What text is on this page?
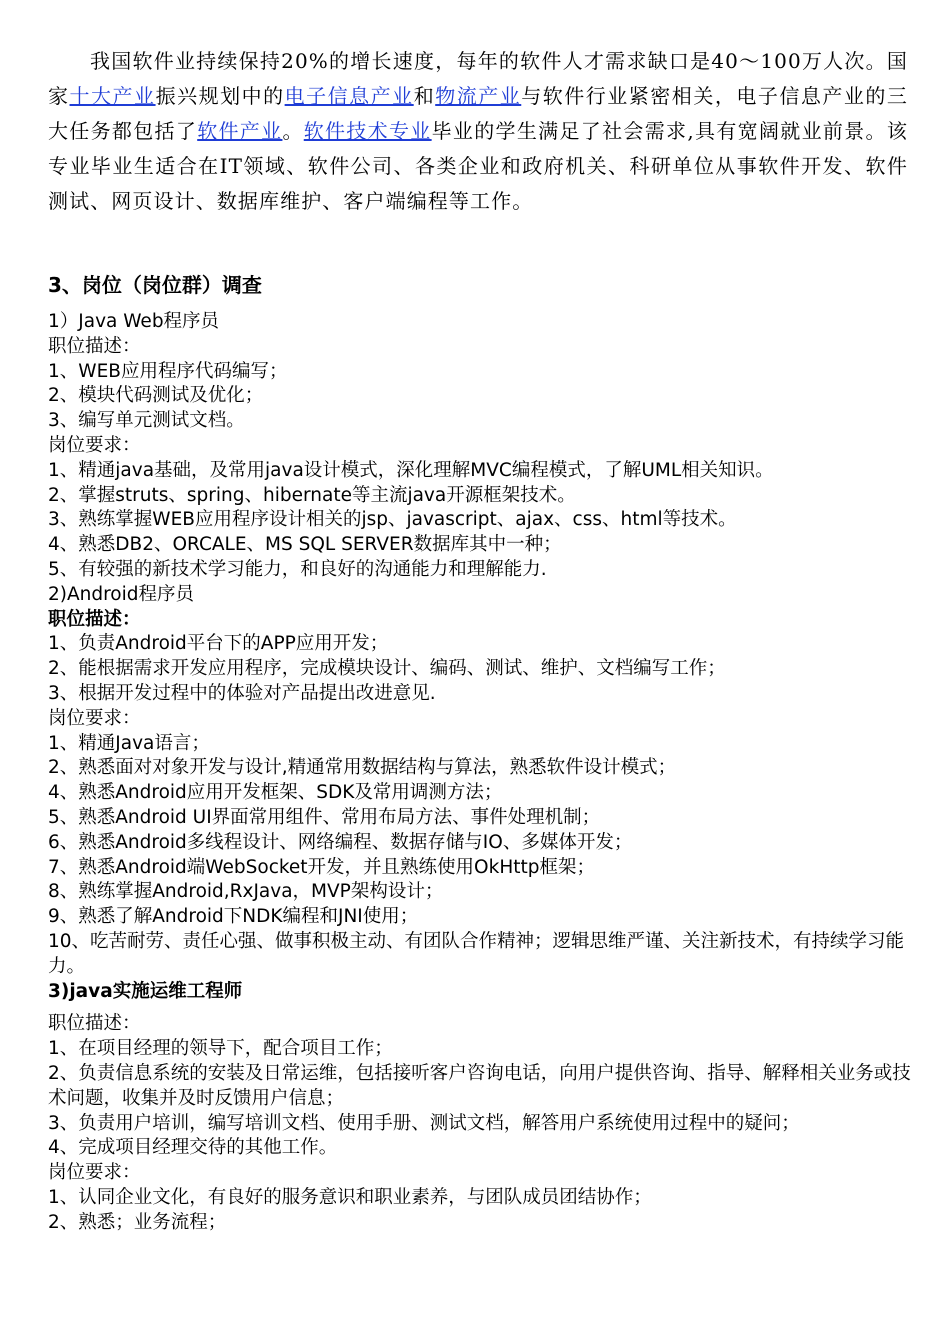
我国软件业持续保持20%的增长速度，每年的软件人才需求缺口是40～100万人次。国家十大产业振兴规划中的电子信息产业和物流产业与软件行业紧密相关，电子信息产业的三大任务都包括了软件产业。软件技术专业毕业的学生满足了社会需求,具有宽阔就业前景。该专业毕业生适合在IT领域、软件公司、各类企业和政府机关、科研单位从事软件开发、软件测试、网页设计、数据库维护、客户端编程等工作。

3、岗位（岗位群）调查

1）Java Web程序员

职位描述：

1、WEB应用程序代码编写；

2、模块代码测试及优化；

3、编写单元测试文档。

岗位要求：

1、精通java基础，及常用java设计模式，深化理解MVC编程模式，了解UML相关知识。

2、掌握struts、spring、hibernate等主流java开源框架技术。

3、熟练掌握WEB应用程序设计相关的jsp、javascript、ajax、css、html等技术。

4、熟悉DB2、ORCALE、MS SQL SERVER数据库其中一种；

5、有较强的新技术学习能力，和良好的沟通能力和理解能力.

2)Android程序员

职位描述：

1、负责Android平台下的APP应用开发；

2、能根据需求开发应用程序，完成模块设计、编码、测试、维护、文档编写工作；

3、根据开发过程中的体验对产品提出改进意见.

岗位要求：

1、精通Java语言；

2、熟悉面对对象开发与设计,精通常用数据结构与算法，熟悉软件设计模式；

4、熟悉Android应用开发框架、SDK及常用调测方法；

5、熟悉Android UI界面常用组件、常用布局方法、事件处理机制；

6、熟悉Android多线程设计、网络编程、数据存储与IO、多媒体开发；

7、熟悉Android端WebSocket开发，并且熟练使用OkHttp框架；

8、熟练掌握Android,RxJava，MVP架构设计；

9、熟悉了解Android下NDK编程和JNI使用；

10、吃苦耐劳、责任心强、做事积极主动、有团队合作精神；逻辑思维严谨、关注新技术，有持续学习能力。

3)java实施运维工程师

职位描述：

1、在项目经理的领导下，配合项目工作；

2、负责信息系统的安装及日常运维，包括接听客户咨询电话，向用户提供咨询、指导、解释相关业务或技术问题，收集并及时反馈用户信息；

3、负责用户培训，编写培训文档、使用手册、测试文档，解答用户系统使用过程中的疑问；

4、完成项目经理交待的其他工作。

岗位要求：

1、认同企业文化，有良好的服务意识和职业素养，与团队成员团结协作；

2、熟悉；业务流程；
